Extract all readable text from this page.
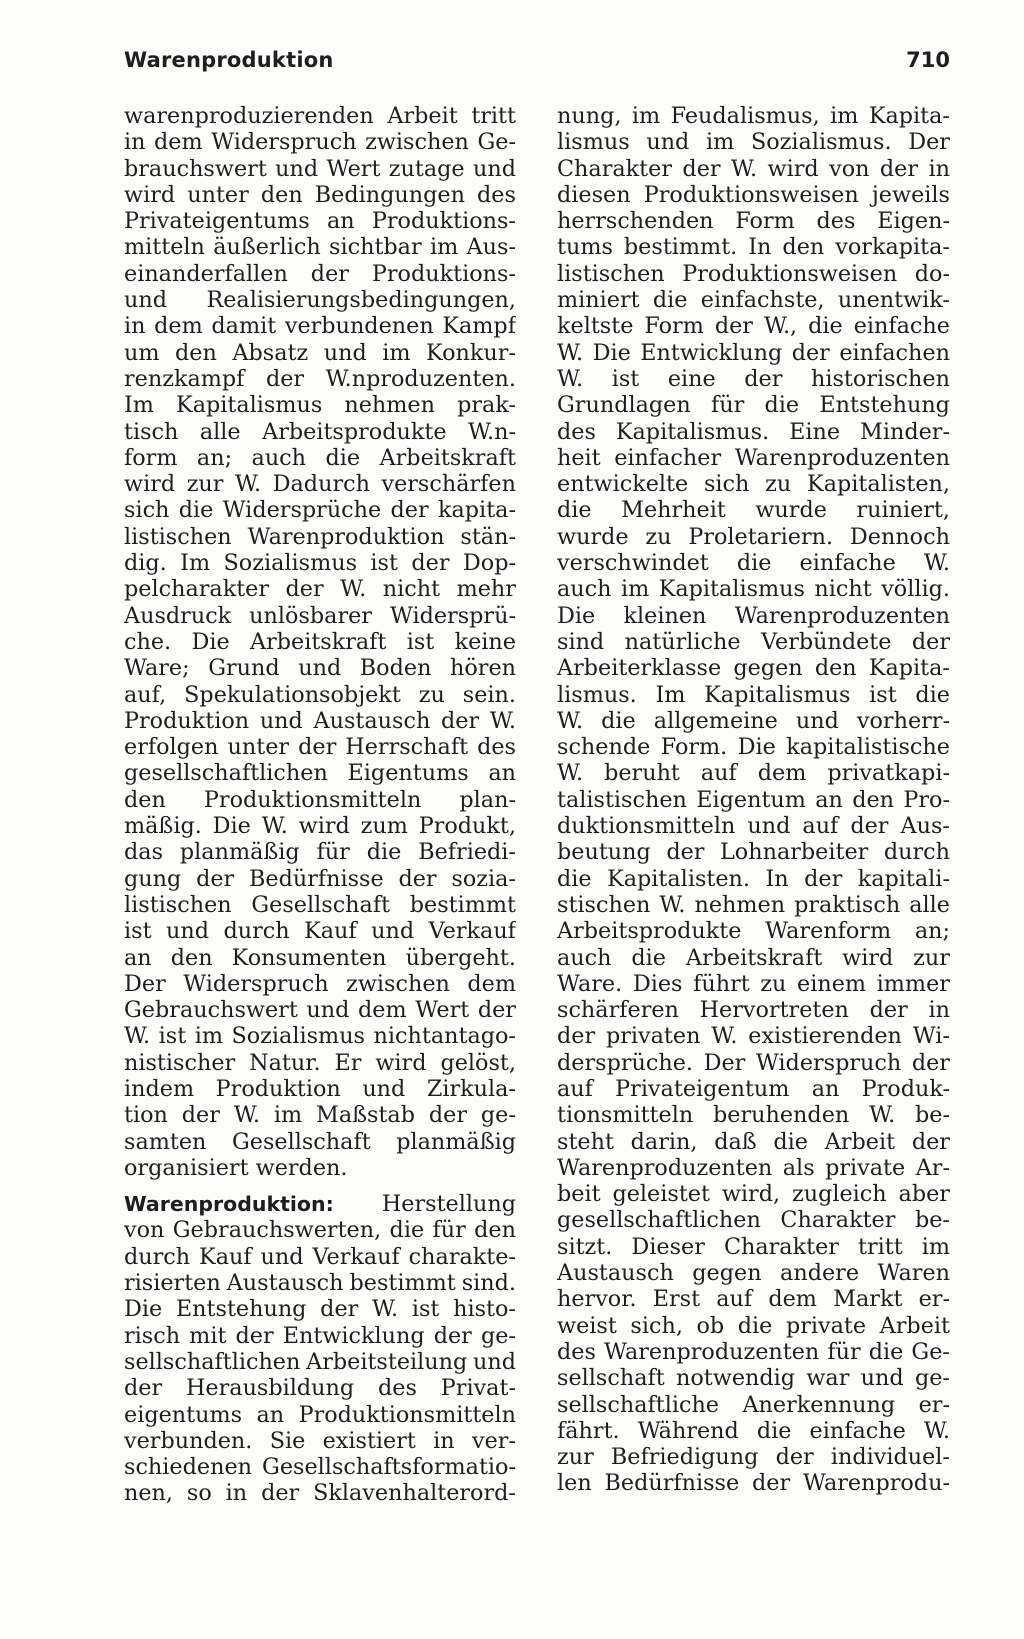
Warenproduktion	710
warenproduzierenden Arbeit tritt
in dem Widerspruch zwischen Ge-
brauchswert und Wert zutage und
wird unter den Bedingungen des
Privateigentums an Produktions-
mitteln äußerlich sichtbar im Aus-
einanderfallen der Produktions-
und Realisierungsbedingungen,
in dem damit verbundenen Kampf
um den Absatz und im Konkur-
renzkampf der W.nproduzenten.
Im Kapitalismus nehmen prak-
tisch alle Arbeitsprodukte W.n-
form an; auch die Arbeitskraft
wird zur W. Dadurch verschärfen
sich die Widersprüche der kapita-
listischen Warenproduktion stän-
dig. Im Sozialismus ist der Dop-
pelcharakter der W. nicht mehr
Ausdruck unlösbarer Widersprü-
che. Die Arbeitskraft ist keine
Ware; Grund und Boden hören
auf, Spekulationsobjekt zu sein.
Produktion und Austausch der W.
erfolgen unter der Herrschaft des
gesellschaftlichen Eigentums an
den Produktionsmitteln plan-
mäßig. Die W. wird zum Produkt,
das planmäßig für die Befriedi-
gung der Bedürfnisse der sozia-
listischen Gesellschaft bestimmt
ist und durch Kauf und Verkauf
an den Konsumenten übergeht.
Der Widerspruch zwischen dem
Gebrauchswert und dem Wert der
W. ist im Sozialismus nichtantago-
nistischer Natur. Er wird gelöst,
indem Produktion und Zirkula-
tion der W. im Maßstab der ge-
samten Gesellschaft planmäßig
organisiert werden.
Warenproduktion: Herstellung
von Gebrauchswerten, die für den
durch Kauf und Verkauf charakte-
risierten Austausch bestimmt sind.
Die Entstehung der W. ist histo-
risch mit der Entwicklung der ge-
sellschaftlichen Arbeitsteilung und
der Herausbildung des Privat-
eigentums an Produktionsmitteln
verbunden. Sie existiert in ver-
schiedenen Gesellschaftsformatio-
nen, so in der Sklavenhalterord-
nung, im Feudalismus, im Kapita-
lismus und im Sozialismus. Der
Charakter der W. wird von der in
diesen Produktionsweisen jeweils
herrschenden Form des Eigen-
tums bestimmt. In den vorkapita-
listischen Produktionsweisen do-
miniert die einfachste, unentwik-
keltste Form der W., die einfache
W. Die Entwicklung der einfachen
W. ist eine der historischen
Grundlagen für die Entstehung
des Kapitalismus. Eine Minder-
heit einfacher Warenproduzenten
entwickelte sich zu Kapitalisten,
die Mehrheit wurde ruiniert,
wurde zu Proletariern. Dennoch
verschwindet die einfache W.
auch im Kapitalismus nicht völlig.
Die kleinen Warenproduzenten
sind natürliche Verbündete der
Arbeiterklasse gegen den Kapita-
lismus. Im Kapitalismus ist die
W. die allgemeine und vorherr-
schende Form. Die kapitalistische
W. beruht auf dem privatkapi-
talistischen Eigentum an den Pro-
duktionsmitteln und auf der Aus-
beutung der Lohnarbeiter durch
die Kapitalisten. In der kapitali-
stischen W. nehmen praktisch alle
Arbeitsprodukte Warenform an;
auch die Arbeitskraft wird zur
Ware. Dies führt zu einem immer
schärferen Hervortreten der in
der privaten W. existierenden Wi-
dersprüche. Der Widerspruch der
auf Privateigentum an Produk-
tionsmitteln beruhenden W. be-
steht darin, daß die Arbeit der
Warenproduzenten als private Ar-
beit geleistet wird, zugleich aber
gesellschaftlichen Charakter be-
sitzt. Dieser Charakter tritt im
Austausch gegen andere Waren
hervor. Erst auf dem Markt er-
weist sich, ob die private Arbeit
des Warenproduzenten für die Ge-
sellschaft notwendig war und ge-
sellschaftliche Anerkennung er-
fährt. Während die einfache W.
zur Befriedigung der individuel-
len Bedürfnisse der Warenprodu-
